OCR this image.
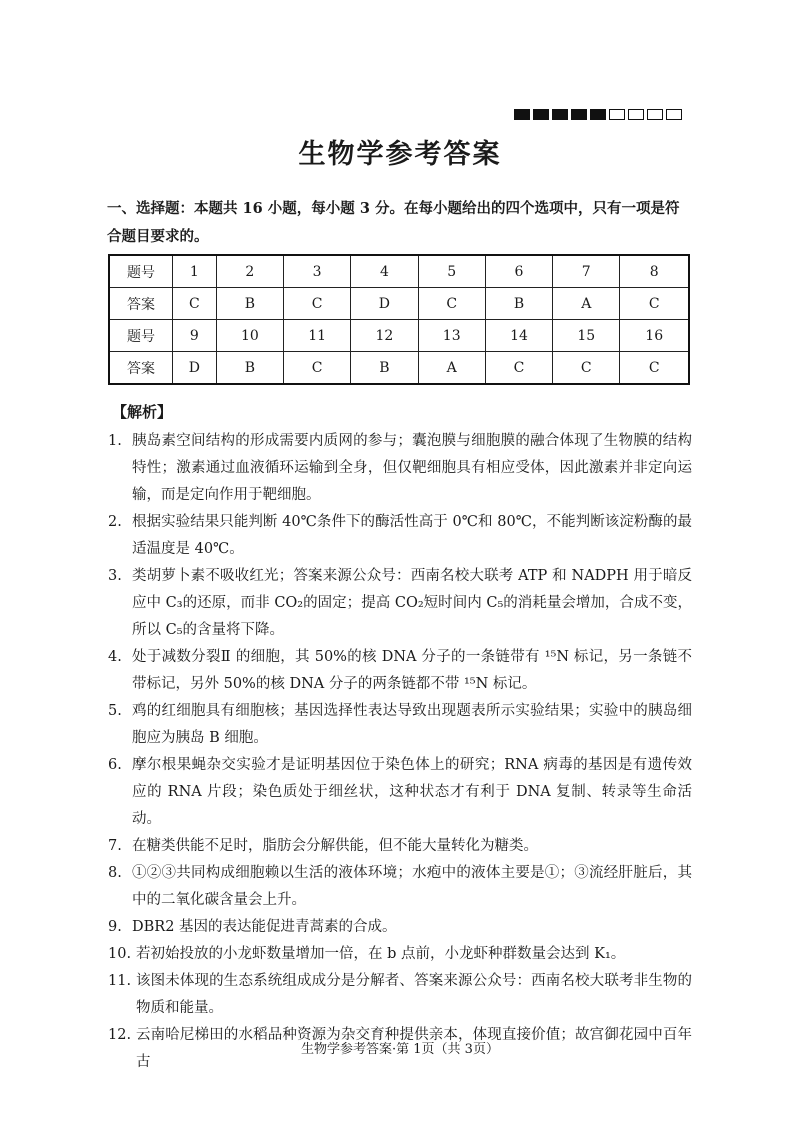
生物学参考答案
一、选择题：本题共 16 小题，每小题 3 分。在每小题给出的四个选项中，只有一项是符合题目要求的。
题号	1	2	3	4	5	6	7	8
答案	C	B	C	D	C	B	A	C
题号	9	10	11	12	13	14	15	16
答案	D	B	C	B	A	C	C	C
【解析】
1. 胰岛素空间结构的形成需要内质网的参与；囊泡膜与细胞膜的融合体现了生物膜的结构特性；激素通过血液循环运输到全身，但仅靶细胞具有相应受体，因此激素并非定向运输，而是定向作用于靶细胞。
2. 根据实验结果只能判断 40℃条件下的酶活性高于 0℃和 80℃，不能判断该淀粉酶的最适温度是 40℃。
3. 类胡萝卜素不吸收红光；答案来源公众号：西南名校大联考 ATP 和 NADPH 用于暗反应中 C₃的还原，而非 CO₂的固定；提高 CO₂短时间内 C₅的消耗量会增加，合成不变，所以 C₅的含量将下降。
4. 处于减数分裂Ⅱ 的细胞，其 50%的核 DNA 分子的一条链带有 ¹⁵N 标记，另一条链不带标记，另外 50%的核 DNA 分子的两条链都不带 ¹⁵N 标记。
5. 鸡的红细胞具有细胞核；基因选择性表达导致出现题表所示实验结果；实验中的胰岛细胞应为胰岛 B 细胞。
6. 摩尔根果蝇杂交实验才是证明基因位于染色体上的研究；RNA 病毒的基因是有遗传效应的 RNA 片段；染色质处于细丝状，这种状态才有利于 DNA 复制、转录等生命活动。
7. 在糖类供能不足时，脂肪会分解供能，但不能大量转化为糖类。
8. ①②③共同构成细胞赖以生活的液体环境；水疱中的液体主要是①；③流经肝脏后，其中的二氧化碳含量会上升。
9. DBR2 基因的表达能促进青蒿素的合成。
10. 若初始投放的小龙虾数量增加一倍，在 b 点前，小龙虾种群数量会达到 K₁。
11. 该图未体现的生态系统组成成分是分解者、答案来源公众号：西南名校大联考非生物的物质和能量。
12. 云南哈尼梯田的水稻品种资源为杂交育种提供亲本，体现直接价值；故宫御花园中百年古
生物学参考答案·第 1页（共 3页）
